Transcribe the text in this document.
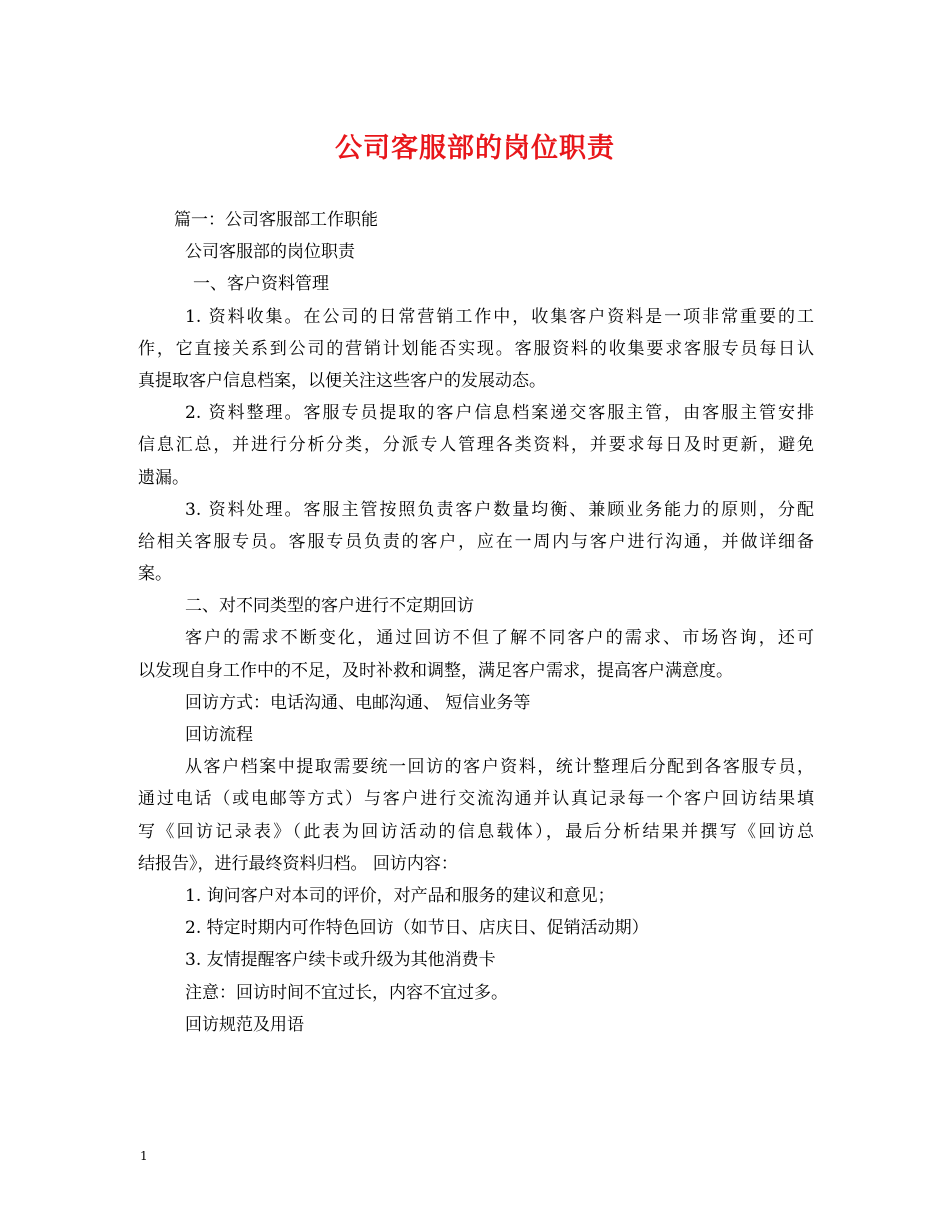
公司客服部的岗位职责

篇一：公司客服部工作职能

公司客服部的岗位职责

一、客户资料管理

1. 资料收集。在公司的日常营销工作中，收集客户资料是一项非常重要的工

作，它直接关系到公司的营销计划能否实现。客服资料的收集要求客服专员每日认

真提取客户信息档案，以便关注这些客户的发展动态。

2. 资料整理。客服专员提取的客户信息档案递交客服主管，由客服主管安排

信息汇总，并进行分析分类，分派专人管理各类资料，并要求每日及时更新，避免

遗漏。

3. 资料处理。客服主管按照负责客户数量均衡、兼顾业务能力的原则，分配

给相关客服专员。客服专员负责的客户，应在一周内与客户进行沟通，并做详细备

案。

二、对不同类型的客户进行不定期回访

客户的需求不断变化，通过回访不但了解不同客户的需求、市场咨询，还可

以发现自身工作中的不足，及时补救和调整，满足客户需求，提高客户满意度。

回访方式：电话沟通、电邮沟通、 短信业务等

回访流程

从客户档案中提取需要统一回访的客户资料，统计整理后分配到各客服专员，

通过电话（或电邮等方式）与客户进行交流沟通并认真记录每一个客户回访结果填

写《回访记录表》（此表为回访活动的信息载体），最后分析结果并撰写《回访总

结报告》，进行最终资料归档。 回访内容：

1. 询问客户对本司的评价，对产品和服务的建议和意见；

2. 特定时期内可作特色回访（如节日、店庆日、促销活动期）

3. 友情提醒客户续卡或升级为其他消费卡

注意：回访时间不宜过长，内容不宜过多。

回访规范及用语

1
